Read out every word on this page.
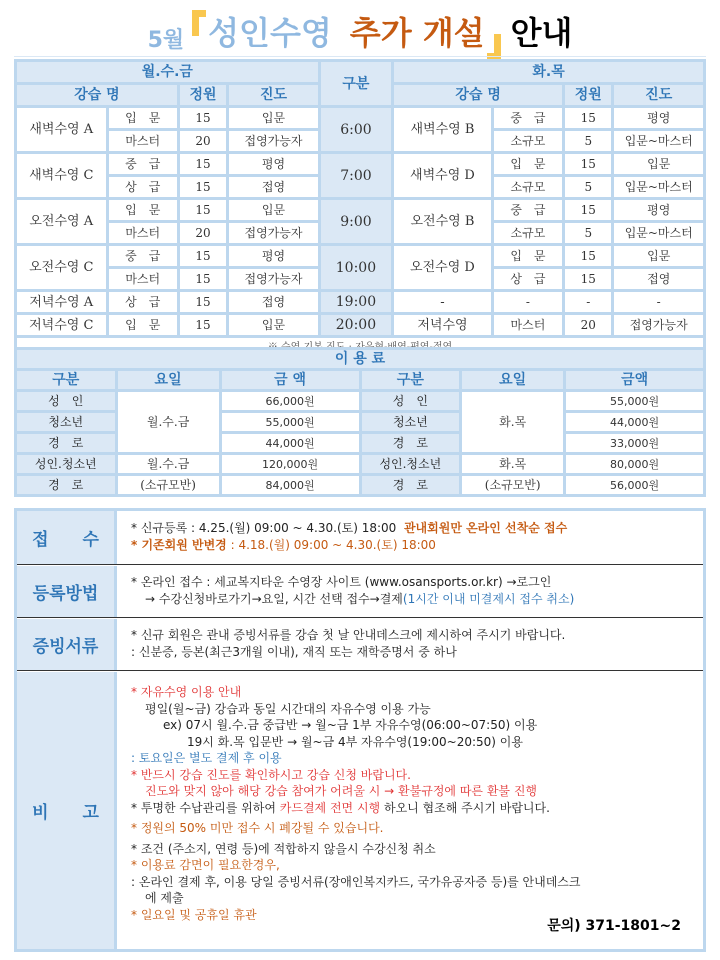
5월 성인수영 추가 개설 안내
월.수.금	구분	화.목
강습 명	정원	진도	강습 명	정원	진도
새벽수영 A	입　문	15	입문	6:00	새벽수영 B	중　급	15	평영
마스터	20	접영가능자	소규모	5	입문~마스터
새벽수영 C	중　급	15	평영	7:00	새벽수영 D	입　문	15	입문
상　급	15	접영	소규모	5	입문~마스터
오전수영 A	입　문	15	입문	9:00	오전수영 B	중　급	15	평영
마스터	20	접영가능자	소규모	5	입문~마스터
오전수영 C	중　급	15	평영	10:00	오전수영 D	입　문	15	입문
마스터	15	접영가능자	상　급	15	접영
저녁수영 A	상　급	15	접영	19:00	-	-	-	-
저녁수영 C	입　문	15	입문	20:00	저녁수영	마스터	20	접영가능자

이 용 료
구분	요일	금 액	구분	요일	금액
성　인	월.수.금	66,000원	성　인	화.목	55,000원
청소년	55,000원	청소년	44,000원
경　로	44,000원	경　로	33,000원
성인.청소년	월.수.금	120,000원	성인.청소년	화.목	80,000원
경　로	(소규모반)	84,000원	경　로	(소규모반)	56,000원
접　　수
* 신규등록 : 4.25.(월) 09:00 ~ 4.30.(토) 18:00 관내회원만 온라인 선착순 접수
* 기존회원 반변경 : 4.18.(월) 09:00 ~ 4.30.(토) 18:00
등록방법
* 온라인 접수 : 세교복지타운 수영장 사이트 (www.osansports.or.kr) →로그인
→ 수강신청바로가기→요일, 시간 선택 접수→결제(1시간 이내 미결제시 접수 취소)
증빙서류
* 신규 회원은 관내 증빙서류를 강습 첫 날 안내데스크에 제시하여 주시기 바랍니다.
: 신분증, 등본(최근3개월 이내), 재직 또는 재학증명서 중 하나
비　　고
* 자유수영 이용 안내
평일(월~금) 강습과 동일 시간대의 자유수영 이용 가능
ex) 07시 월.수.금 중급반 → 월~금 1부 자유수영(06:00~07:50) 이용
19시 화.목 입문반 → 월~금 4부 자유수영(19:00~20:50) 이용
: 토요일은 별도 결제 후 이용
* 반드시 강습 진도를 확인하시고 강습 신청 바랍니다.
진도와 맞지 않아 해당 강습 참여가 어려울 시 → 환불규정에 따른 환불 진행
* 투명한 수납관리를 위하여 카드결제 전면 시행 하오니 협조해 주시기 바랍니다.
* 정원의 50% 미만 접수 시 폐강될 수 있습니다.
* 조건 (주소지, 연령 등)에 적합하지 않을시 수강신청 취소
* 이용료 감면이 필요한경우,
: 온라인 결제 후, 이용 당일 증빙서류(장애인복지카드, 국가유공자증 등)를 안내데스크
에 제출
* 일요일 및 공휴일 휴관
문의) 371-1801~2
